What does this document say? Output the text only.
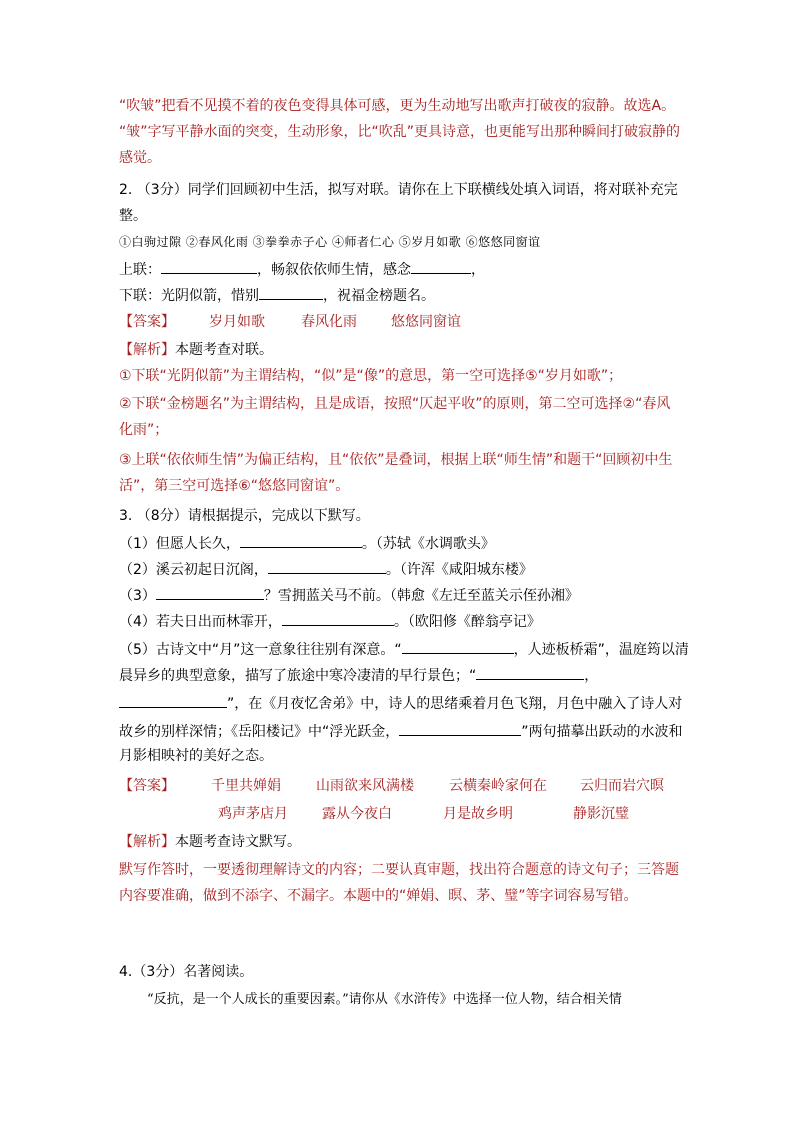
“吹皱”把看不见摸不着的夜色变得具体可感，更为生动地写出歌声打破夜的寂静。故选A。
“皱”字写平静水面的突变，生动形象，比“吹乱”更具诗意，也更能写出那种瞬间打破寂静的
感觉。
2. （3分）同学们回顾初中生活，拟写对联。请你在上下联横线处填入词语，将对联补充完
整。
①白驹过隙 ②春风化雨 ③拳拳赤子心 ④师者仁心 ⑤岁月如歌 ⑥悠悠同窗谊
上联：	，畅叙依依师生情，感念	，
下联：光阴似箭，惜别	，祝福金榜题名。
【答案】 岁月如歌	春风化雨 悠悠同窗谊
【解析】本题考查对联。
①下联“光阴似箭”为主谓结构，“似”是“像”的意思，第一空可选择⑤“岁月如歌”；
②下联“金榜题名”为主谓结构，且是成语，按照“仄起平收”的原则，第二空可选择②“春风
化雨”；
③上联“依依师生情”为偏正结构，且“依依”是叠词，根据上联“师生情”和题干“回顾初中生
活”，第三空可选择⑥“悠悠同窗谊”。
3. （8分）请根据提示，完成以下默写。
（1）但愿人长久，	。（苏轼《水调歌头》
（2）溪云初起日沉阁，	。（许浑《咸阳城东楼》
（3）	？雪拥蓝关马不前。（韩愈《左迁至蓝关示侄孙湘》
（4）若夫日出而林霏开，	。（欧阳修《醉翁亭记》
（5）古诗文中“月”这一意象往往别有深意。“	，人迹板桥霜”，温庭筠以清
晨异乡的典型意象，描写了旅途中寒冷凄清的早行景色；“	，
”，在《月夜忆舍弟》中，诗人的思绪乘着月色飞翔，月色中融入了诗人对
故乡的别样深情；《岳阳楼记》中“浮光跃金，	”两句描摹出跃动的水波和
月影相映衬的美好之态。
【答案】	千里共婵娟	山雨欲来风满楼	云横秦岭家何在 云归而岩穴暝
鸡声茅店月 露从今夜白	月是故乡明	静影沉璧
【解析】本题考查诗文默写。
默写作答时，一要透彻理解诗文的内容；二要认真审题，找出符合题意的诗文句子；三答题
内容要准确，做到不添字、不漏字。本题中的“婵娟、暝、茅、璧”等字词容易写错。
4.（3分）名著阅读。
“反抗，是一个人成长的重要因素。”请你从《水浒传》中选择一位人物，结合相关情
